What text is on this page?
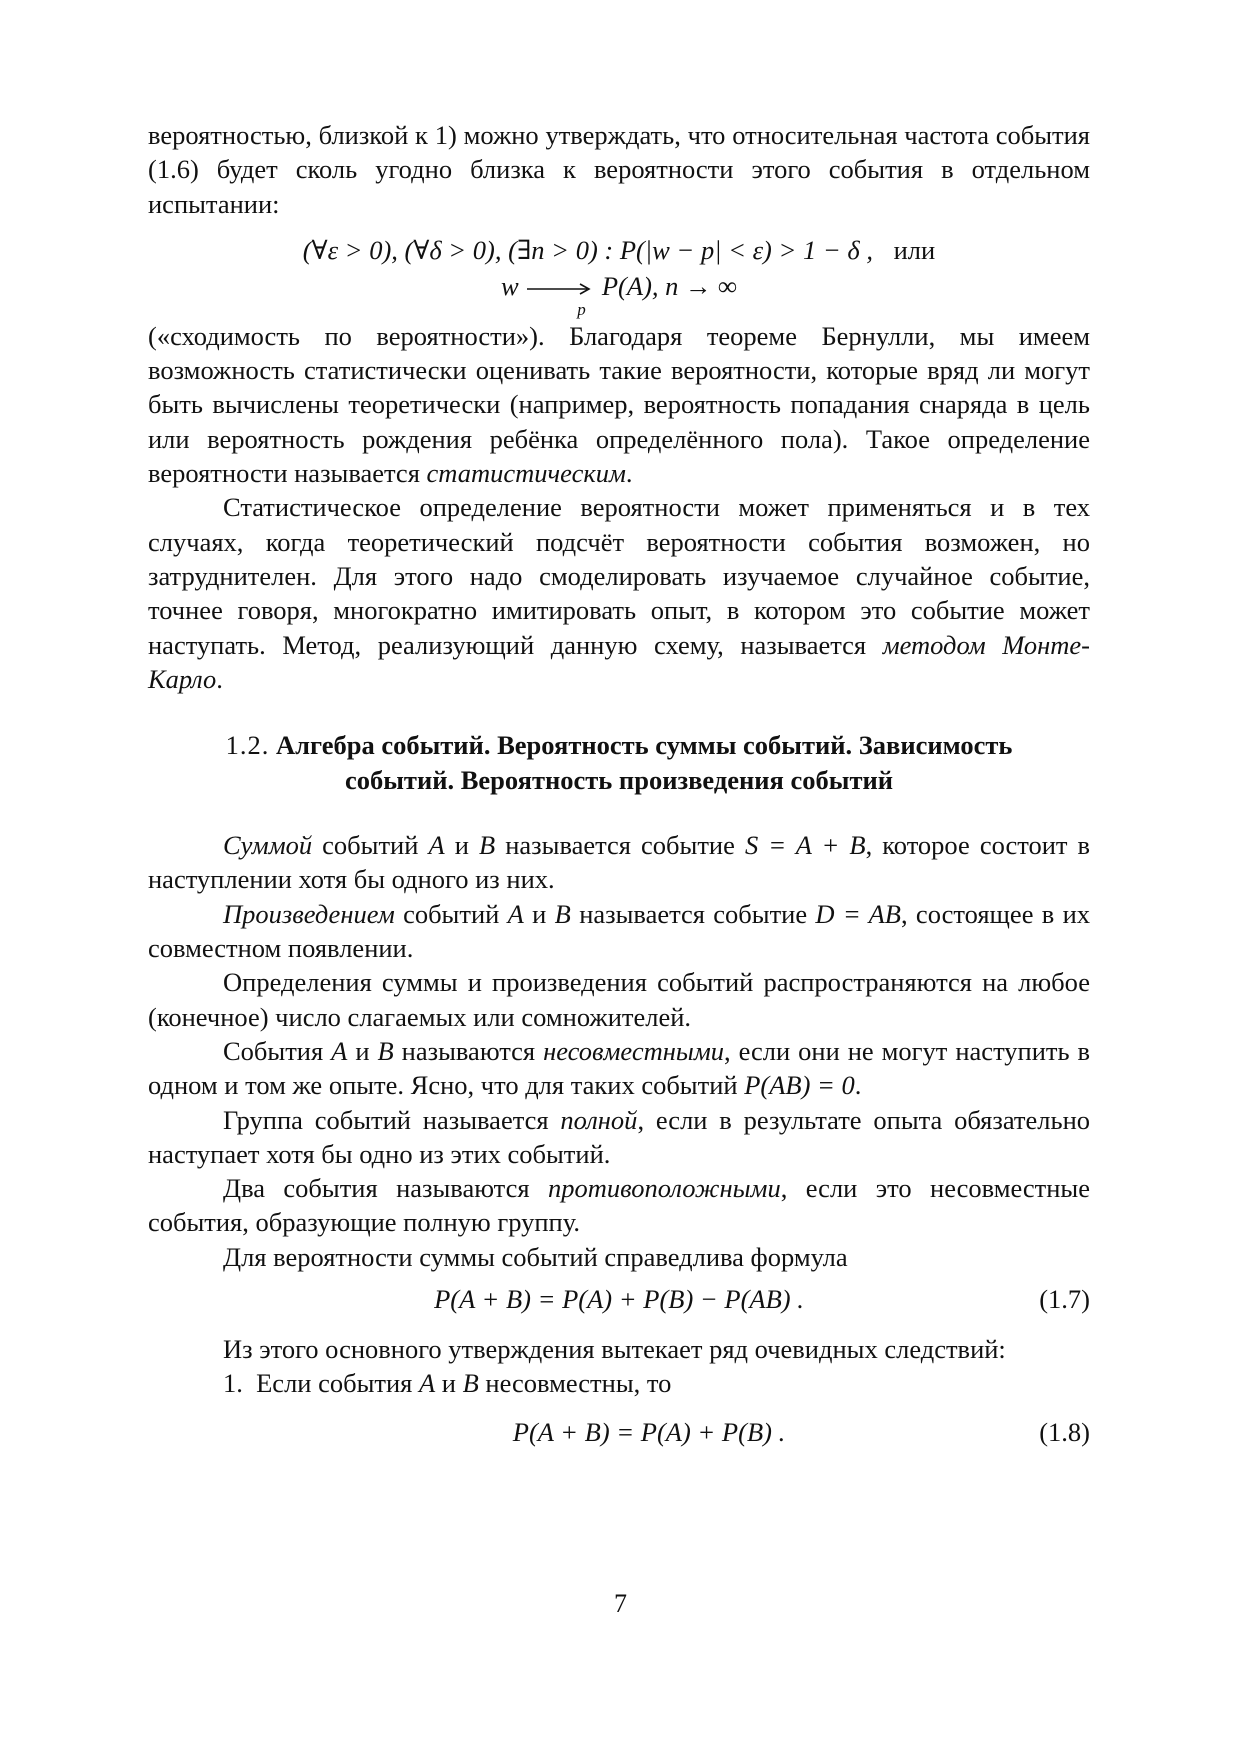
вероятностью, близкой к 1) можно утверждать, что относительная частота события (1.6) будет сколь угодно близка к вероятности этого события в отдельном испытании:

(∀ε > 0), (∀δ > 0), (∃n > 0) : P(|w − p| < ε) > 1 − δ , или
w
p
P(A), n → ∞

(«сходимость по вероятности»). Благодаря теореме Бернулли, мы имеем возможность статистически оценивать такие вероятности, которые вряд ли могут быть вычислены теоретически (например, вероятность попадания снаряда в цель или вероятность рождения ребёнка определённого пола). Такое определение вероятности называется статистическим.

Статистическое определение вероятности может применяться и в тех случаях, когда теоретический подсчёт вероятности события возможен, но затруднителен. Для этого надо смоделировать изучаемое случайное событие, точнее говоря, многократно имитировать опыт, в котором это событие может наступать. Метод, реализующий данную схему, называется методом Монте-Карло.

1.2. Алгебра событий. Вероятность суммы событий. Зависимость
событий. Вероятность произведения событий

Суммой событий A и B называется событие S = A + B, которое состоит в наступлении хотя бы одного из них.

Произведением событий A и B называется событие D = AB, состоящее в их совместном появлении.

Определения суммы и произведения событий распространяются на любое (конечное) число слагаемых или сомножителей.

События A и B называются несовместными, если они не могут наступить в одном и том же опыте. Ясно, что для таких событий P(AB) = 0.

Группа событий называется полной, если в результате опыта обязательно наступает хотя бы одно из этих событий.

Два события называются противоположными, если это несовместные события, образующие полную группу.

Для вероятности суммы событий справедлива формула

P(A + B) = P(A) + P(B) − P(AB) .	(1.7)

Из этого основного утверждения вытекает ряд очевидных следствий:

1. Если события A и B несовместны, то

P(A + B) = P(A) + P(B) .	(1.8)
7
